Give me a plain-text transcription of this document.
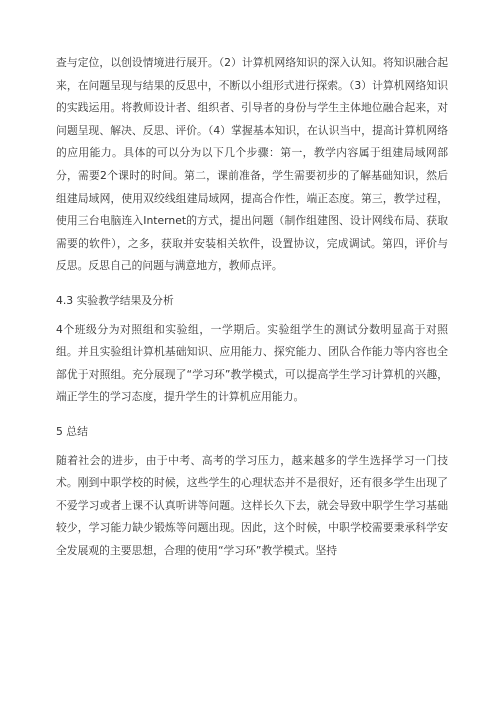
查与定位，以创设情境进行展开。（2）计算机网络知识的深入认知。将知识融合起来，在问题呈现与结果的反思中，不断以小组形式进行探索。（3）计算机网络知识的实践运用。将教师设计者、组织者、引导者的身份与学生主体地位融合起来，对问题呈现、解决、反思、评价。（4）掌握基本知识，在认识当中，提高计算机网络的应用能力。具体的可以分为以下几个步骤：第一，教学内容属于组建局域网部分，需要2个课时的时间。第二，课前准备，学生需要初步的了解基础知识，然后组建局域网，使用双绞线组建局域网，提高合作性，端正态度。第三，教学过程，使用三台电脑连入Internet的方式，提出问题（制作组建图、设计网线布局、获取需要的软件），之多，获取并安装相关软件，设置协议，完成调试。第四，评价与反思。反思自己的问题与满意地方，教师点评。

4.3 实验教学结果及分析

4个班级分为对照组和实验组，一学期后。实验组学生的测试分数明显高于对照组。并且实验组计算机基础知识、应用能力、探究能力、团队合作能力等内容也全部优于对照组。充分展现了“学习环”教学模式，可以提高学生学习计算机的兴趣，端正学生的学习态度，提升学生的计算机应用能力。

5 总结

随着社会的进步，由于中考、高考的学习压力，越来越多的学生选择学习一门技术。刚到中职学校的时候，这些学生的心理状态并不是很好，还有很多学生出现了不爱学习或者上课不认真听讲等问题。这样长久下去，就会导致中职学生学习基础较少，学习能力缺少锻炼等问题出现。因此，这个时候，中职学校需要秉承科学安全发展观的主要思想，合理的使用“学习环”教学模式。坚持
